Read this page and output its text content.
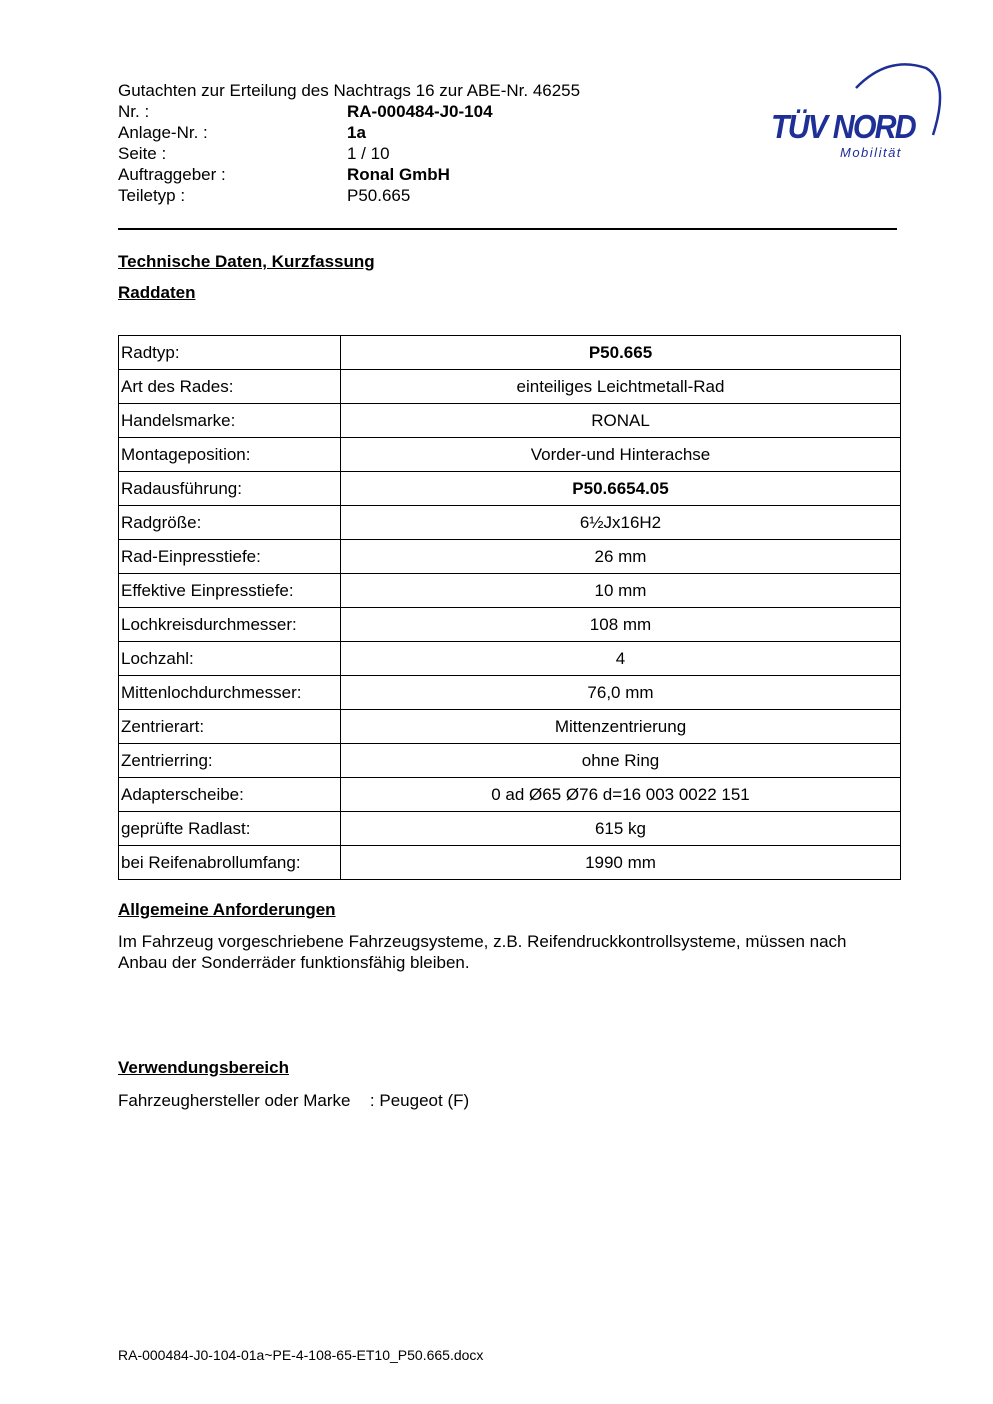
Gutachten zur Erteilung des Nachtrags 16 zur ABE-Nr. 46255
Nr. :	RA-000484-J0-104
Anlage-Nr. :	1a
Seite :	1 / 10
Auftraggeber :	Ronal GmbH
Teiletyp :	P50.665
TÜV NORD
Mobilität
Technische Daten, Kurzfassung
Raddaten
Radtyp:	P50.665
Art des Rades:	einteiliges Leichtmetall-Rad
Handelsmarke:	RONAL
Montageposition:	Vorder-und Hinterachse
Radausführung:	P50.6654.05
Radgröße:	6½Jx16H2
Rad-Einpresstiefe:	26 mm
Effektive Einpresstiefe:	10 mm
Lochkreisdurchmesser:	108 mm
Lochzahl:	4
Mittenlochdurchmesser:	76,0 mm
Zentrierart:	Mittenzentrierung
Zentrierring:	ohne Ring
Adapterscheibe:	0 ad Ø65 Ø76 d=16 003 0022 151
geprüfte Radlast:	615 kg
bei Reifenabrollumfang:	1990 mm
Allgemeine Anforderungen
Im Fahrzeug vorgeschriebene Fahrzeugsysteme, z.B. Reifendruckkontrollsysteme, müssen nach Anbau der Sonderräder funktionsfähig bleiben.
Verwendungsbereich
Fahrzeughersteller oder Marke : Peugeot (F)
RA-000484-J0-104-01a~PE-4-108-65-ET10_P50.665.docx
